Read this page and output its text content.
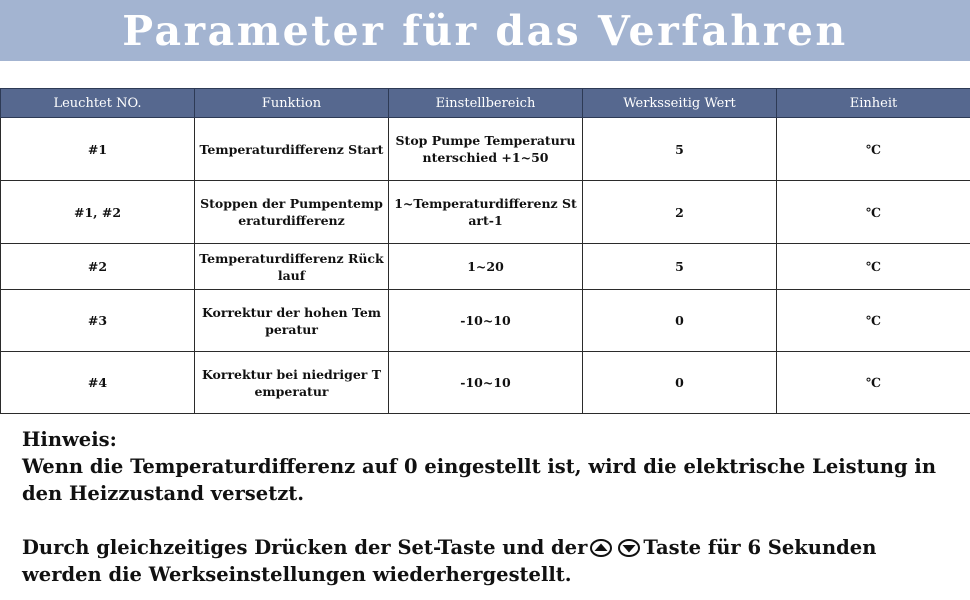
Parameter für das Verfahren
Leuchtet NO.	Funktion	Einstellbereich	Werksseitig Wert	Einheit
#1	Temperaturdifferenz Start	Stop Pumpe Temperaturunterschied +1~50	5	℃
#1, #2	Stoppen der Pumpentemperaturdifferenz	1~Temperaturdifferenz Start-1	2	℃
#2	Temperaturdifferenz Rücklauf	1~20	5	℃
#3	Korrektur der hohen Temperatur	-10~10	0	℃
#4	Korrektur bei niedriger Temperatur	-10~10	0	℃

Hinweis:

Wenn die Temperaturdifferenz auf 0 eingestellt ist, wird die elektrische Leistung in den Heizzustand versetzt.

Durch gleichzeitiges Drücken der Set-Taste und der	Taste für 6 Sekunden werden die Werkseinstellungen wiederhergestellt.
